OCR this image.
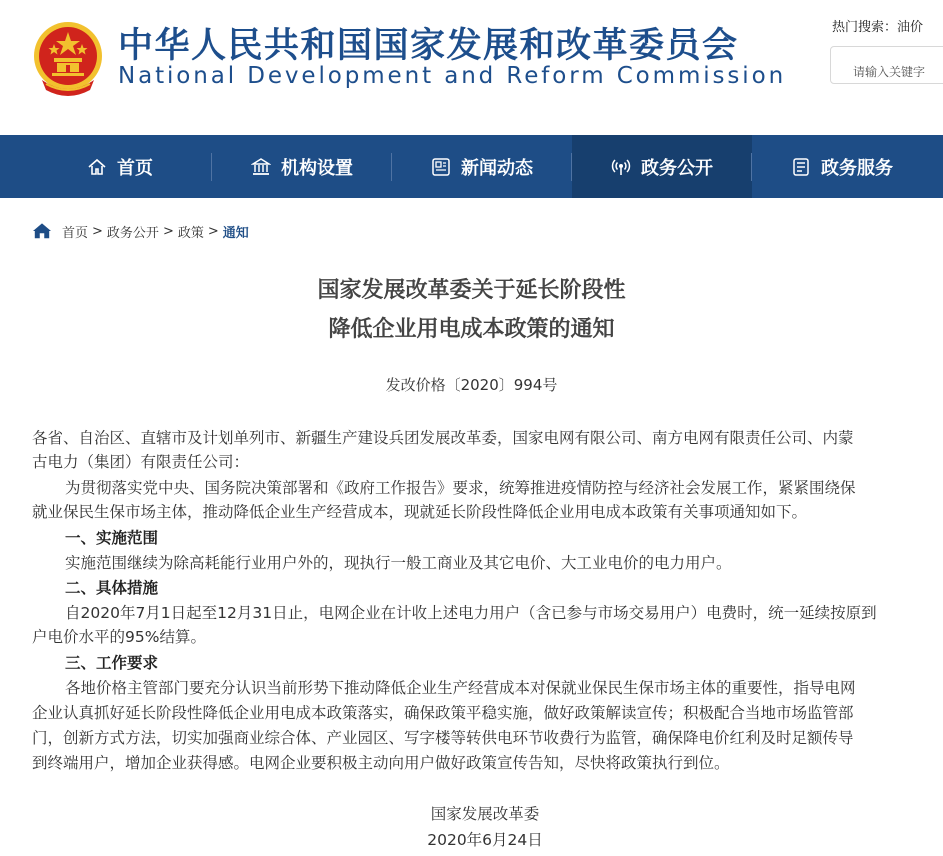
中华人民共和国国家发展和改革委员会
National Development and Reform Commission
热门搜索：油价
请输入关键字
首页	机构设置	新闻动态	政务公开	政务服务
首页 > 政务公开 > 政策 > 通知
国家发展改革委关于延长阶段性
降低企业用电成本政策的通知
发改价格〔2020〕994号
各省、自治区、直辖市及计划单列市、新疆生产建设兵团发展改革委，国家电网有限公司、南方电网有限责任公司、内蒙
古电力（集团）有限责任公司：
为贯彻落实党中央、国务院决策部署和《政府工作报告》要求，统筹推进疫情防控与经济社会发展工作，紧紧围绕保
就业保民生保市场主体，推动降低企业生产经营成本，现就延长阶段性降低企业用电成本政策有关事项通知如下。
一、实施范围
实施范围继续为除高耗能行业用户外的，现执行一般工商业及其它电价、大工业电价的电力用户。
二、具体措施
自2020年7月1日起至12月31日止，电网企业在计收上述电力用户（含已参与市场交易用户）电费时，统一延续按原到
户电价水平的95%结算。
三、工作要求
各地价格主管部门要充分认识当前形势下推动降低企业生产经营成本对保就业保民生保市场主体的重要性，指导电网
企业认真抓好延长阶段性降低企业用电成本政策落实，确保政策平稳实施，做好政策解读宣传；积极配合当地市场监管部
门，创新方式方法，切实加强商业综合体、产业园区、写字楼等转供电环节收费行为监管，确保降电价红利及时足额传导
到终端用户，增加企业获得感。电网企业要积极主动向用户做好政策宣传告知，尽快将政策执行到位。
国家发展改革委
2020年6月24日
